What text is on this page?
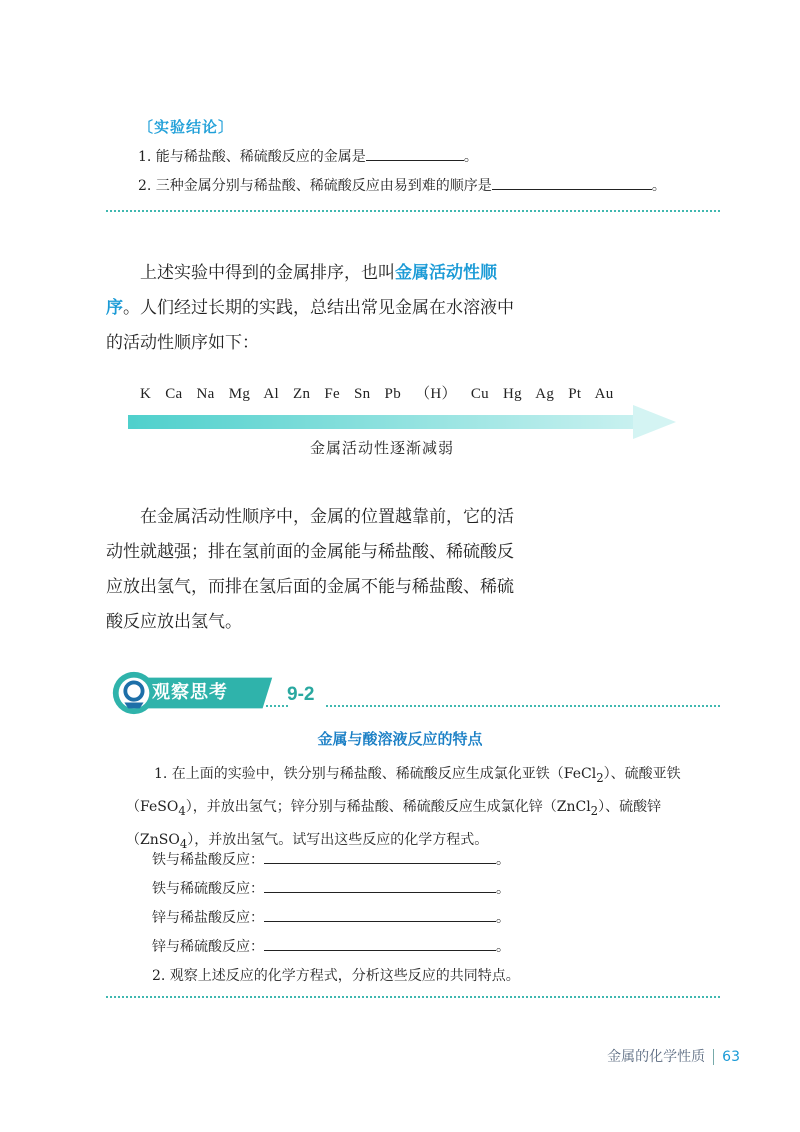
〔实验结论〕
1. 能与稀盐酸、稀硫酸反应的金属是	。
2. 三种金属分别与稀盐酸、稀硫酸反应由易到难的顺序是	。

上述实验中得到的金属排序，也叫金属活动性顺序。人们经过长期的实践，总结出常见金属在水溶液中的活动性顺序如下：

K Ca Na Mg Al Zn Fe Sn Pb （H） Cu Hg Ag Pt Au
金属活动性逐渐减弱

在金属活动性顺序中，金属的位置越靠前，它的活动性就越强；排在氢前面的金属能与稀盐酸、稀硫酸反应放出氢气，而排在氢后面的金属不能与稀盐酸、稀硫酸反应放出氢气。

观察思考	9-2
金属与酸溶液反应的特点
1. 在上面的实验中，铁分别与稀盐酸、稀硫酸反应生成氯化亚铁（FeCl$_2$）、硫酸亚铁（FeSO$_4$），并放出氢气；锌分别与稀盐酸、稀硫酸反应生成氯化锌（ZnCl$_2$）、硫酸锌（ZnSO$_4$），并放出氢气。试写出这些反应的化学方程式。
铁与稀盐酸反应：	。
铁与稀硫酸反应：	。
锌与稀盐酸反应：	。
锌与稀硫酸反应：	。
2. 观察上述反应的化学方程式，分析这些反应的共同特点。
金属的化学性质 63
